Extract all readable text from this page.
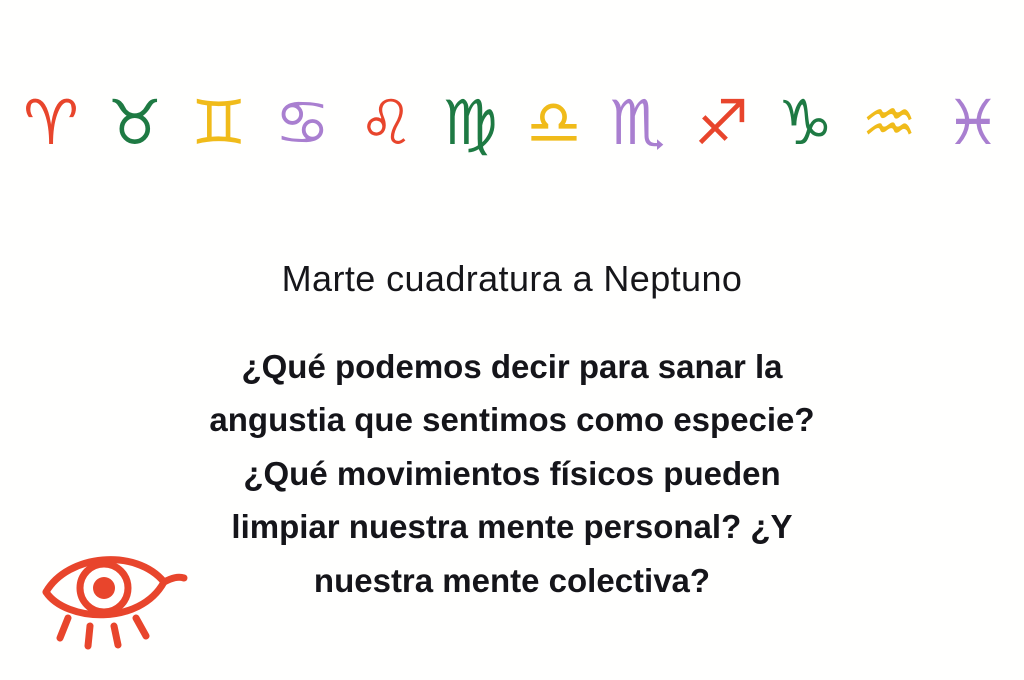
♈ ♉ ♊ ♋ ♌ ♍ ♎ ♏ ♐ ♑ ♒ ♓
Marte cuadratura a Neptuno
¿Qué podemos decir para sanar la
angustia que sentimos como especie?
¿Qué movimientos físicos pueden
limpiar nuestra mente personal? ¿Y
nuestra mente colectiva?
